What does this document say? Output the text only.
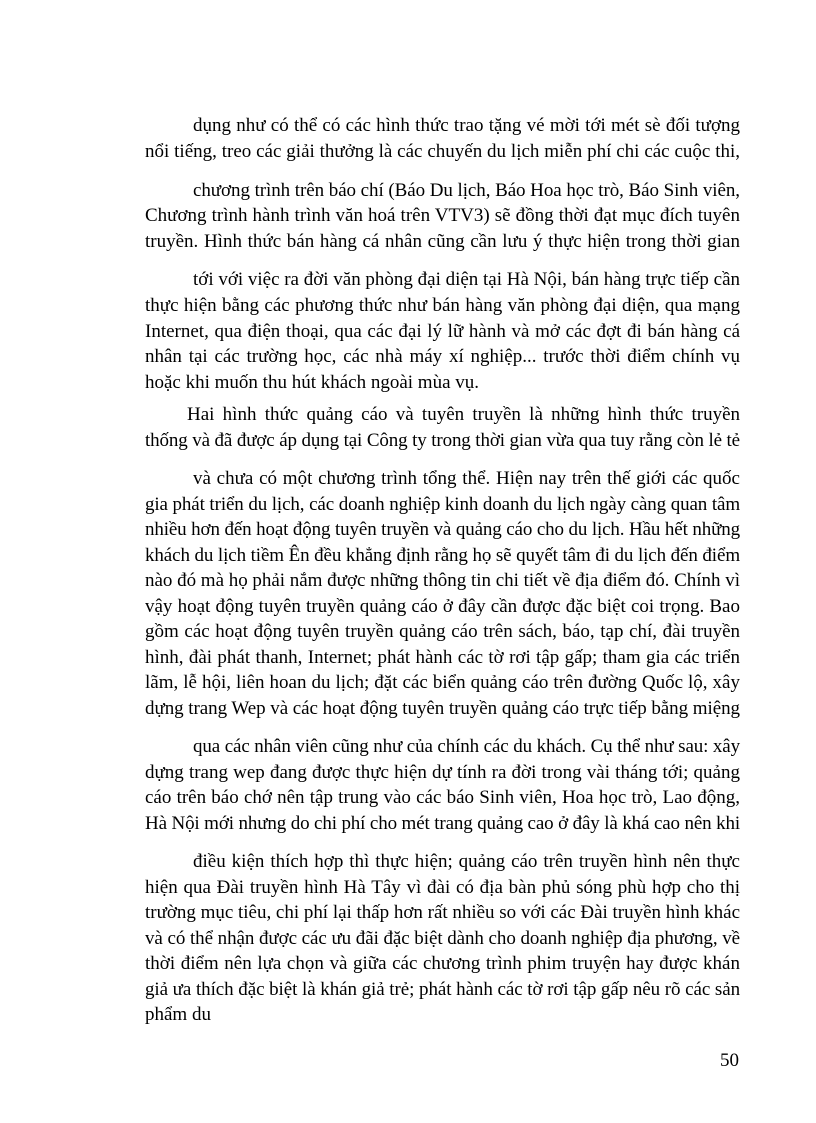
dụng như có thể có các hình thức trao tặng vé mời tới mét sè đối tượng
nổi tiếng, treo các giải thưởng là các chuyến du lịch miễn phí chi các cuộc thi,
chương trình trên báo chí (Báo Du lịch, Báo Hoa học trò, Báo Sinh viên,
Chương trình hành trình văn hoá trên VTV3) sẽ đồng thời đạt mục đích tuyên
truyền. Hình thức bán hàng cá nhân cũng cần lưu ý thực hiện trong thời gian
tới với việc ra đời văn phòng đại diện tại Hà Nội, bán hàng trực tiếp cần
thực hiện bằng các phương thức như bán hàng văn phòng đại diện, qua mạng
Internet, qua điện thoại, qua các đại lý lữ hành và mở các đợt đi bán hàng cá
nhân tại các trường học, các nhà máy xí nghiệp... trước thời điểm chính vụ
hoặc khi muốn thu hút khách ngoài mùa vụ.
Hai hình thức quảng cáo và tuyên truyền là những hình thức truyền
thống và đã được áp dụng tại Công ty trong thời gian vừa qua tuy rằng còn lẻ tẻ
và chưa có một chương trình tổng thể. Hiện nay trên thế giới các quốc
gia phát triển du lịch, các doanh nghiệp kinh doanh du lịch ngày càng quan tâm
nhiều hơn đến hoạt động tuyên truyền và quảng cáo cho du lịch. Hầu hết những
khách du lịch tiềm Ên đều khẳng định rằng họ sẽ quyết tâm đi du lịch đến điểm
nào đó mà họ phải nắm được những thông tin chi tiết về địa điểm đó. Chính vì
vậy hoạt động tuyên truyền quảng cáo ở đây cần được đặc biệt coi trọng. Bao
gồm các hoạt động tuyên truyền quảng cáo trên sách, báo, tạp chí, đài truyền
hình, đài phát thanh, Internet; phát hành các tờ rơi tập gấp; tham gia các triển
lãm, lễ hội, liên hoan du lịch; đặt các biển quảng cáo trên đường Quốc lộ, xây
dựng trang Wep và các hoạt động tuyên truyền quảng cáo trực tiếp bằng miệng
qua các nhân viên cũng như của chính các du khách. Cụ thể như sau: xây
dựng trang wep đang được thực hiện dự tính ra đời trong vài tháng tới; quảng
cáo trên báo chớ nên tập trung vào các báo Sinh viên, Hoa học trò, Lao động,
Hà Nội mới nhưng do chi phí cho mét trang quảng cao ở đây là khá cao nên khi
điều kiện thích hợp thì thực hiện; quảng cáo trên truyền hình nên thực
hiện qua Đài truyền hình Hà Tây vì đài có địa bàn phủ sóng phù hợp cho thị
trường mục tiêu, chi phí lại thấp hơn rất nhiều so với các Đài truyền hình khác
và có thể nhận được các ưu đãi đặc biệt dành cho doanh nghiệp địa phương, về
thời điểm nên lựa chọn và giữa các chương trình phim truyện hay được khán
giả ưa thích đặc biệt là khán giả trẻ; phát hành các tờ rơi tập gấp nêu rõ các sản
phẩm du
50
